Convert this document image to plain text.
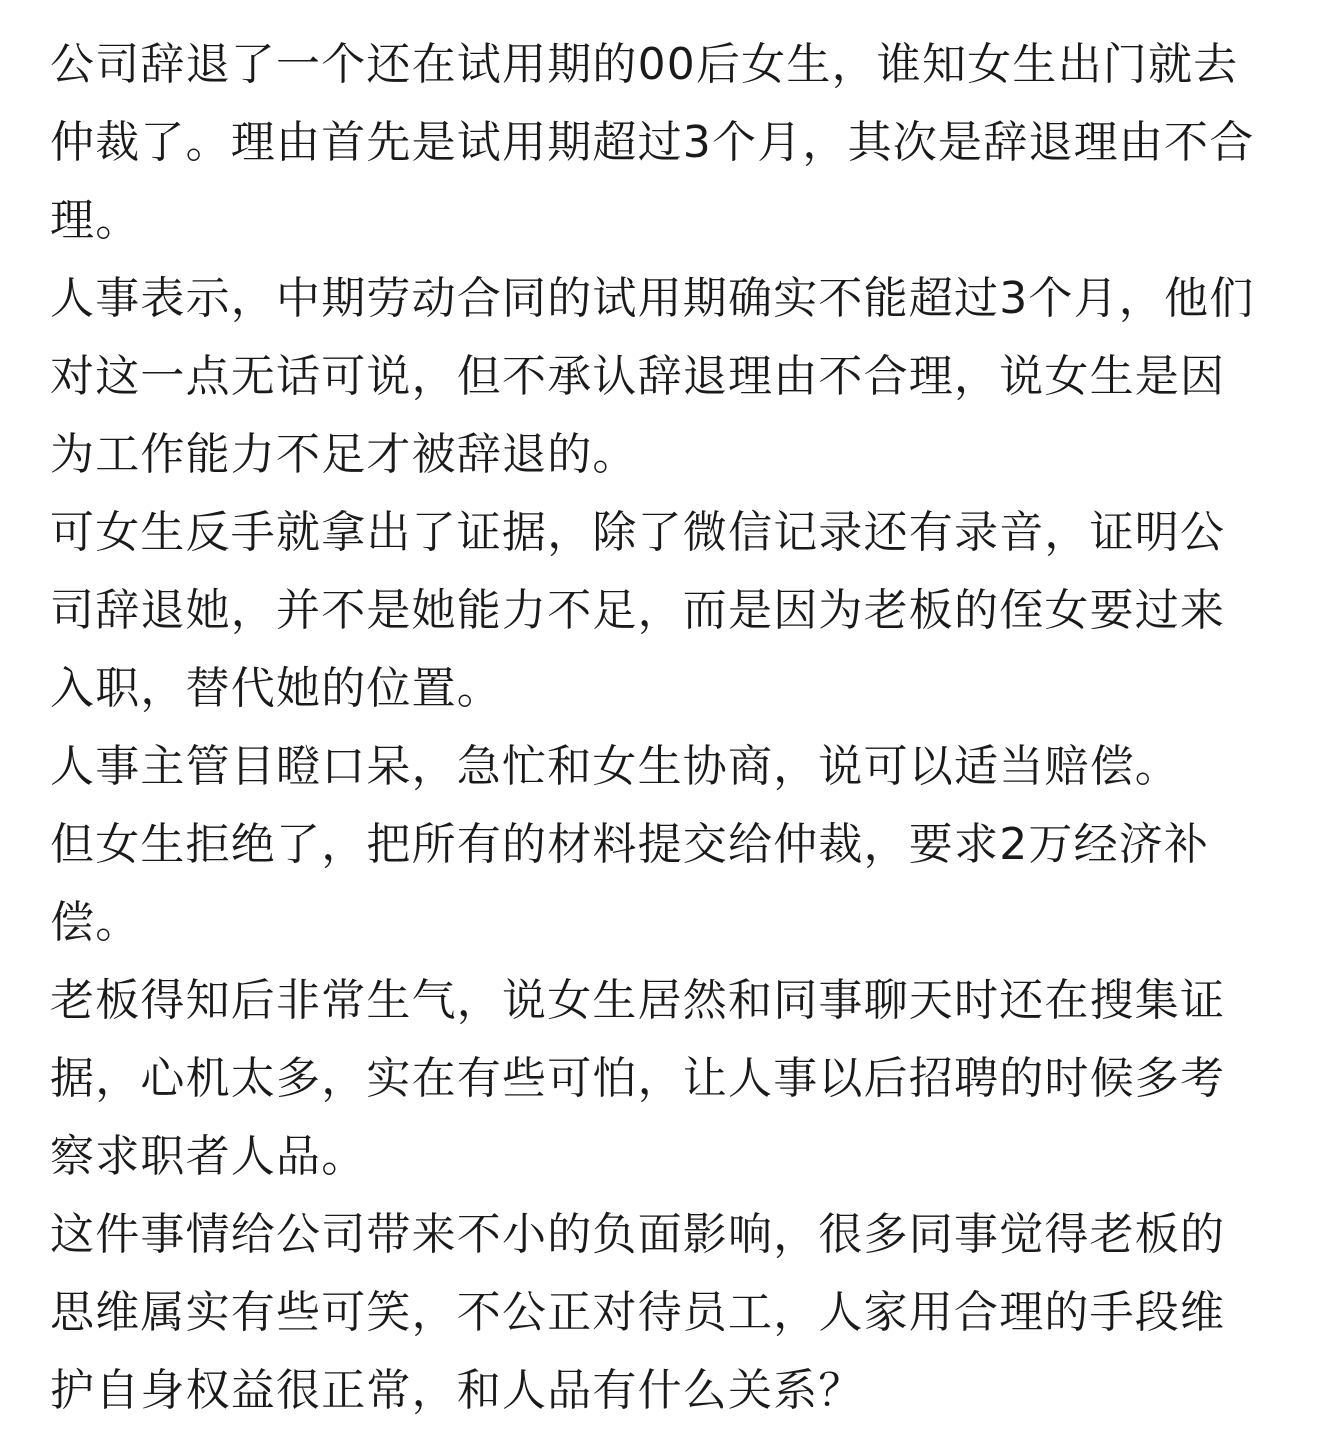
公司辞退了一个还在试用期的00后女生，谁知女生出门就去仲裁了。理由首先是试用期超过3个月，其次是辞退理由不合理。

人事表示，中期劳动合同的试用期确实不能超过3个月，他们对这一点无话可说，但不承认辞退理由不合理，说女生是因为工作能力不足才被辞退的。

可女生反手就拿出了证据，除了微信记录还有录音，证明公司辞退她，并不是她能力不足，而是因为老板的侄女要过来入职，替代她的位置。

人事主管目瞪口呆，急忙和女生协商，说可以适当赔偿。

但女生拒绝了，把所有的材料提交给仲裁，要求2万经济补偿。

老板得知后非常生气，说女生居然和同事聊天时还在搜集证据，心机太多，实在有些可怕，让人事以后招聘的时候多考察求职者人品。

这件事情给公司带来不小的负面影响，很多同事觉得老板的思维属实有些可笑，不公正对待员工，人家用合理的手段维护自身权益很正常，和人品有什么关系？
